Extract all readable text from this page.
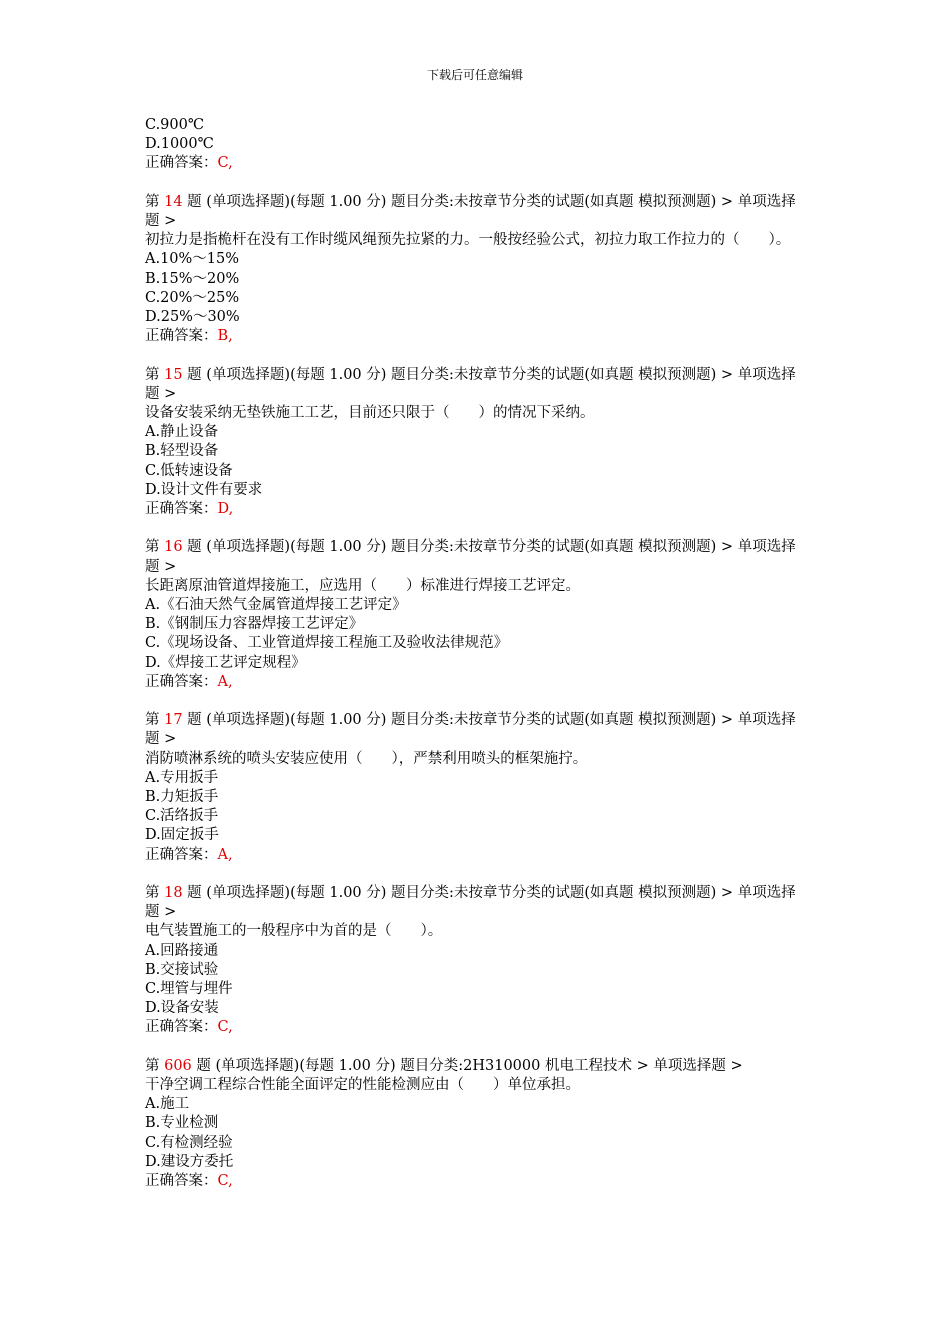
下载后可任意编辑
C.900℃
D.1000℃
正确答案：C,
第 14 题 (单项选择题)(每题 1.00 分) 题目分类:未按章节分类的试题(如真题 模拟预测题) > 单项选择题 >
初拉力是指桅杆在没有工作时缆风绳预先拉紧的力。一般按经验公式，初拉力取工作拉力的（　　）。
A.10%～15%
B.15%～20%
C.20%～25%
D.25%～30%
正确答案：B,
第 15 题 (单项选择题)(每题 1.00 分) 题目分类:未按章节分类的试题(如真题 模拟预测题) > 单项选择题 >
设备安装采纳无垫铁施工工艺，目前还只限于（　　）的情况下采纳。
A.静止设备
B.轻型设备
C.低转速设备
D.设计文件有要求
正确答案：D,
第 16 题 (单项选择题)(每题 1.00 分) 题目分类:未按章节分类的试题(如真题 模拟预测题) > 单项选择题 >
长距离原油管道焊接施工，应选用（　　）标准进行焊接工艺评定。
A.《石油天然气金属管道焊接工艺评定》
B.《钢制压力容器焊接工艺评定》
C.《现场设备、工业管道焊接工程施工及验收法律规范》
D.《焊接工艺评定规程》
正确答案：A,
第 17 题 (单项选择题)(每题 1.00 分) 题目分类:未按章节分类的试题(如真题 模拟预测题) > 单项选择题 >
消防喷淋系统的喷头安装应使用（　　），严禁利用喷头的框架施拧。
A.专用扳手
B.力矩扳手
C.活络扳手
D.固定扳手
正确答案：A,
第 18 题 (单项选择题)(每题 1.00 分) 题目分类:未按章节分类的试题(如真题 模拟预测题) > 单项选择题 >
电气装置施工的一般程序中为首的是（　　）。
A.回路接通
B.交接试验
C.埋管与埋件
D.设备安装
正确答案：C,
第 606 题 (单项选择题)(每题 1.00 分) 题目分类:2H310000 机电工程技术 > 单项选择题 >
干净空调工程综合性能全面评定的性能检测应由（　　）单位承担。
A.施工
B.专业检测
C.有检测经验
D.建设方委托
正确答案：C,
